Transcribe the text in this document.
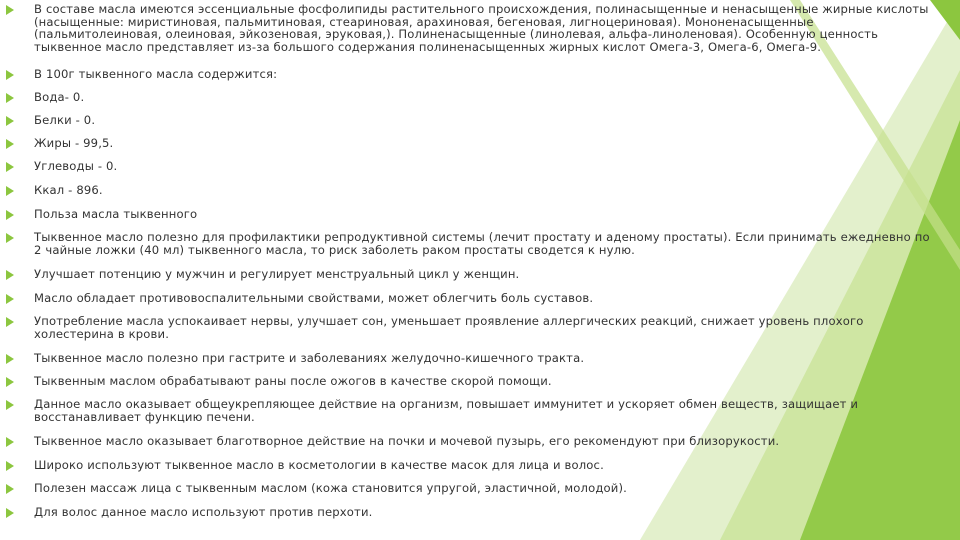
В составе масла имеются эссенциальные фосфолипиды растительного происхождения, полинасыщенные и ненасыщенные жирные кислоты (насыщенные: миристиновая, пальмитиновая, стеариновая, арахиновая, бегеновая, лигноцериновая). Мононенасыщенные (пальмитолеиновая, олеиновая, эйкозеновая, эруковая,). Полиненасыщенные (линолевая, альфа-линоленовая). Особенную ценность тыквенное масло представляет из-за большого содержания полиненасыщенных жирных кислот Омега-3, Омега-6, Омега-9.
В 100г тыквенного масла содержится:
Вода- 0.
Белки - 0.
Жиры - 99,5.
Углеводы - 0.
Ккал - 896.
Польза масла тыквенного
Тыквенное масло полезно для профилактики репродуктивной системы (лечит простату и аденому простаты). Если принимать ежедневно по 2 чайные ложки (40 мл) тыквенного масла, то риск заболеть раком простаты сводется к нулю.
Улучшает потенцию у мужчин и регулирует менструальный цикл у женщин.
Масло обладает противовоспалительными свойствами, может облегчить боль суставов.
Употребление масла успокаивает нервы, улучшает сон, уменьшает проявление аллергических реакций, снижает уровень плохого холестерина в крови.
Тыквенное масло полезно при гастрите и заболеваниях желудочно-кишечного тракта.
Тыквенным маслом обрабатывают раны после ожогов в качестве скорой помощи.
Данное масло оказывает общеукрепляющее действие на организм, повышает иммунитет и ускоряет обмен веществ, защищает и восстанавливает функцию печени.
Тыквенное масло оказывает благотворное действие на почки и мочевой пузырь, его рекомендуют при близорукости.
Широко используют тыквенное масло в косметологии в качестве масок для лица и волос.
Полезен массаж лица с тыквенным маслом (кожа становится упругой, эластичной, молодой).
Для волос данное масло используют против перхоти.
